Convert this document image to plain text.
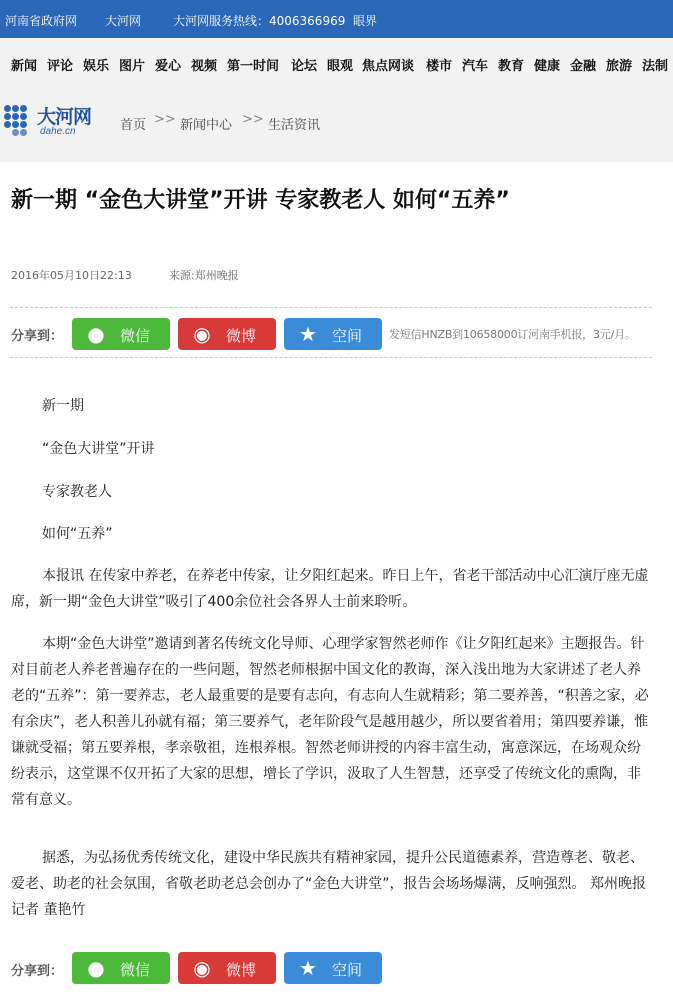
河南省政府网 大河网	大河网服务热线：4006366969 眼界
新闻 评论 娱乐 图片 爱心 视频 第一时间 论坛 眼观 焦点网谈 楼市 汽车 教育 健康 金融 旅游 法制
大河网
dahe.cn	首页 >> 新闻中心 >> 生活资讯
新一期 “金色大讲堂”开讲 专家教老人 如何“五养”
2016年05月10日22:13	来源:郑州晚报
分享到： ●	微信 ◉	微博 ★	空间 发短信HNZB到10658000订河南手机报，3元/月。
新一期
“金色大讲堂”开讲
专家教老人
如何“五养”

本报讯 在传家中养老，在养老中传家，让夕阳红起来。昨日上午，省老干部活动中心汇演厅座无虚席，新一期“金色大讲堂”吸引了400余位社会各界人士前来聆听。

本期“金色大讲堂”邀请到著名传统文化导师、心理学家智然老师作《让夕阳红起来》主题报告。针对目前老人养老普遍存在的一些问题，智然老师根据中国文化的教诲，深入浅出地为大家讲述了老人养老的“五养”：第一要养志，老人最重要的是要有志向，有志向人生就精彩；第二要养善，“积善之家，必有余庆”，老人积善儿孙就有福；第三要养气，老年阶段气是越用越少，所以要省着用；第四要养谦，惟谦就受福；第五要养根，孝亲敬祖，连根养根。智然老师讲授的内容丰富生动，寓意深远，在场观众纷纷表示，这堂课不仅开拓了大家的思想，增长了学识，汲取了人生智慧，还享受了传统文化的熏陶，非常有意义。

据悉，为弘扬优秀传统文化，建设中华民族共有精神家园，提升公民道德素养，营造尊老、敬老、爱老、助老的社会氛围，省敬老助老总会创办了“金色大讲堂”，报告会场场爆满，反响强烈。 郑州晚报记者 董艳竹

分享到： ●	微信 ◉	微博 ★	空间
